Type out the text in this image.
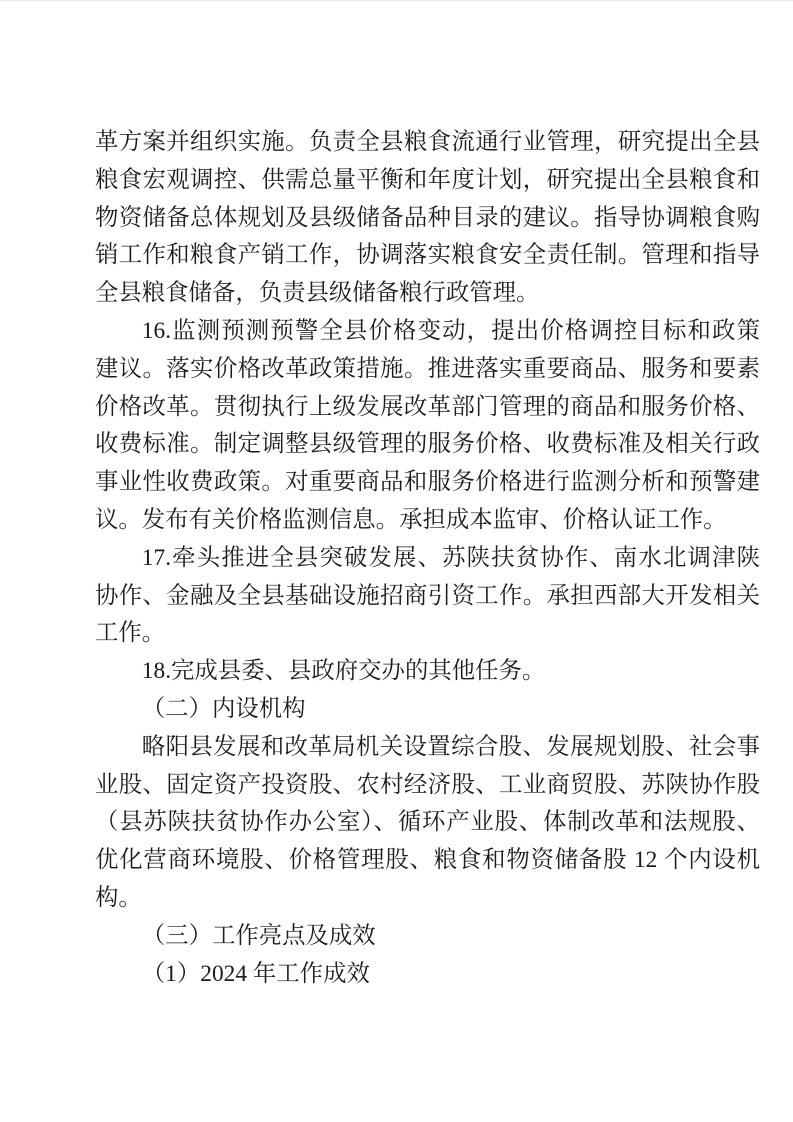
革方案并组织实施。负责全县粮食流通行业管理，研究提出全县
粮食宏观调控、供需总量平衡和年度计划，研究提出全县粮食和
物资储备总体规划及县级储备品种目录的建议。指导协调粮食购
销工作和粮食产销工作，协调落实粮食安全责任制。管理和指导
全县粮食储备，负责县级储备粮行政管理。
16.监测预测预警全县价格变动，提出价格调控目标和政策
建议。落实价格改革政策措施。推进落实重要商品、服务和要素
价格改革。贯彻执行上级发展改革部门管理的商品和服务价格、
收费标准。制定调整县级管理的服务价格、收费标准及相关行政
事业性收费政策。对重要商品和服务价格进行监测分析和预警建
议。发布有关价格监测信息。承担成本监审、价格认证工作。
17.牵头推进全县突破发展、苏陕扶贫协作、南水北调津陕
协作、金融及全县基础设施招商引资工作。承担西部大开发相关
工作。
18.完成县委、县政府交办的其他任务。
（二）内设机构
略阳县发展和改革局机关设置综合股、发展规划股、社会事
业股、固定资产投资股、农村经济股、工业商贸股、苏陕协作股
（县苏陕扶贫协作办公室）、循环产业股、体制改革和法规股、
优化营商环境股、价格管理股、粮食和物资储备股 12 个内设机
构。
（三）工作亮点及成效
（1）2024 年工作成效
